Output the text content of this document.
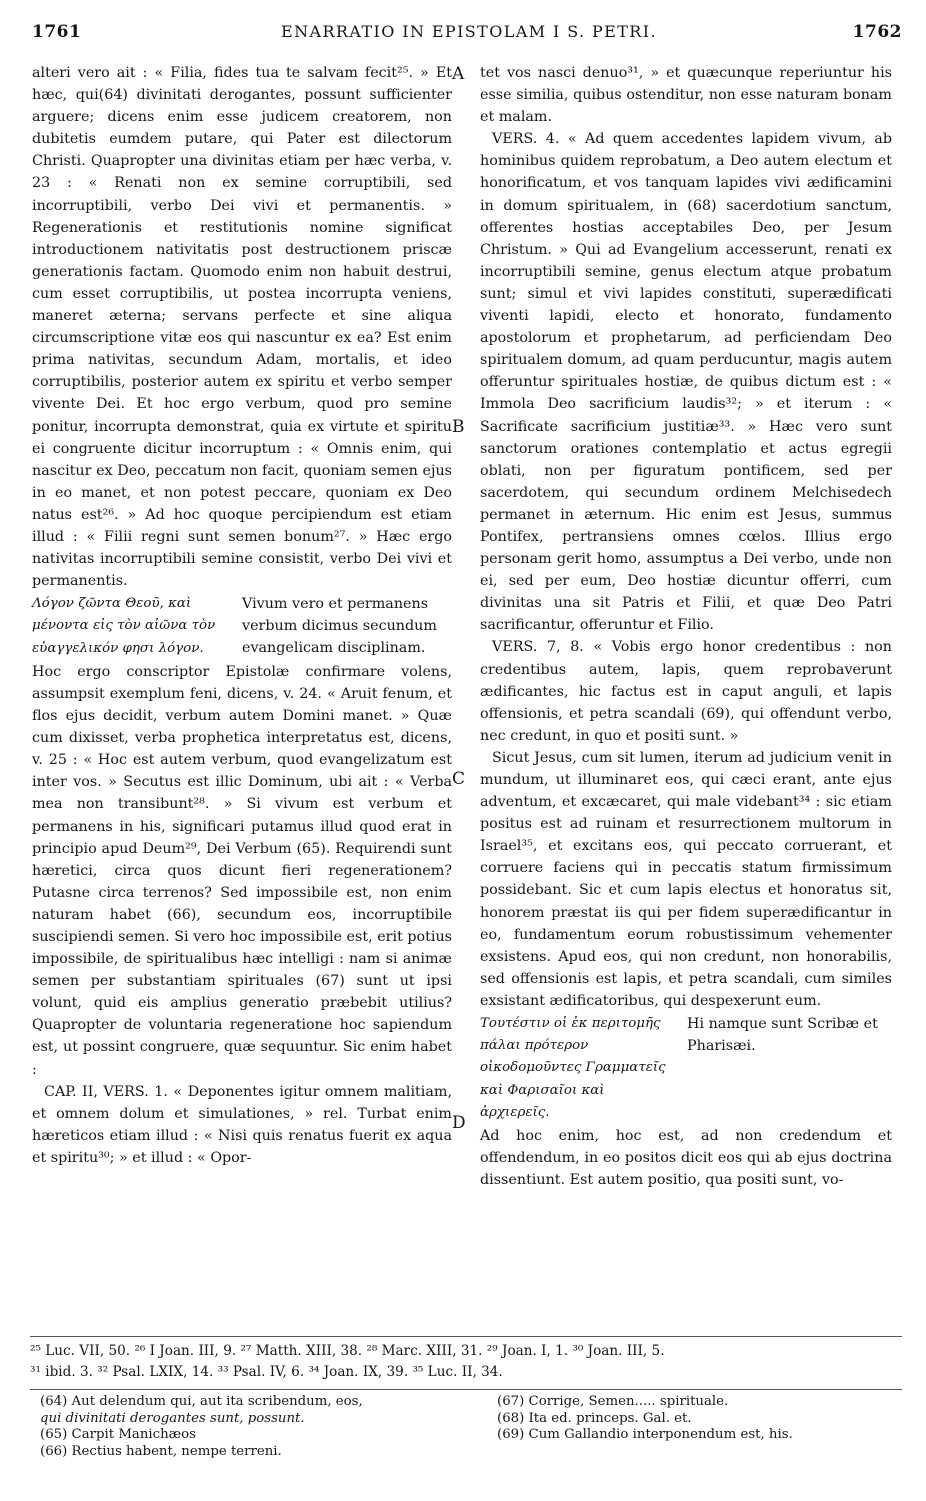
1761	ENARRATIO IN EPISTOLAM I S. PETRI.	1762
A
B
C
D

alteri vero ait : « Filia, fides tua te salvam fecit²⁵. » Et hæc, qui(64) divinitati derogantes, possunt sufficienter arguere; dicens enim esse judicem creatorem, non dubitetis eumdem putare, qui Pater est dilectorum Christi. Quapropter una divinitas etiam per hæc verba, v. 23 : « Renati non ex semine corruptibili, sed incorruptibili, verbo Dei vivi et permanentis. » Regenerationis et restitutionis nomine significat introductionem nativitatis post destructionem priscæ generationis factam. Quomodo enim non habuit destrui, cum esset corruptibilis, ut postea incorrupta veniens, maneret æterna; servans perfecte et sine aliqua circumscriptione vitæ eos qui nascuntur ex ea? Est enim prima nativitas, secundum Adam, mortalis, et ideo corruptibilis, posterior autem ex spiritu et verbo semper vivente Dei. Et hoc ergo verbum, quod pro semine ponitur, incorrupta demonstrat, quia ex virtute et spiritu ei congruente dicitur incorruptum : « Omnis enim, qui nascitur ex Deo, peccatum non facit, quoniam semen ejus in eo manet, et non potest peccare, quoniam ex Deo natus est²⁶. » Ad hoc quoque percipiendum est etiam illud : « Filii regni sunt semen bonum²⁷. » Hæc ergo nativitas incorruptibili semine consistit, verbo Dei vivi et permanentis.

Λόγον ζῶντα Θεοῦ, καὶ μένοντα εἰς τὸν αἰῶνα τὸν εὐαγγελικόν φησι λόγον.
Vivum vero et permanens verbum dicimus secundum evangelicam disciplinam.

Hoc ergo conscriptor Epistolæ confirmare volens, assumpsit exemplum feni, dicens, v. 24. « Aruit fenum, et flos ejus decidit, verbum autem Domini manet. » Quæ cum dixisset, verba prophetica interpretatus est, dicens, v. 25 : « Hoc est autem verbum, quod evangelizatum est inter vos. » Secutus est illic Dominum, ubi ait : « Verba mea non transibunt²⁸. » Si vivum est verbum et permanens in his, significari putamus illud quod erat in principio apud Deum²⁹, Dei Verbum (65). Requirendi sunt hæretici, circa quos dicunt fieri regenerationem? Putasne circa terrenos? Sed impossibile est, non enim naturam habet (66), secundum eos, incorruptibile suscipiendi semen. Si vero hoc impossibile est, erit potius impossibile, de spiritualibus hæc intelligi : nam si animæ semen per substantiam spirituales (67) sunt ut ipsi volunt, quid eis amplius generatio præbebit utilius? Quapropter de voluntaria regeneratione hoc sapiendum est, ut possint congruere, quæ sequuntur. Sic enim habet :

CAP. II, VERS. 1. « Deponentes igitur omnem malitiam, et omnem dolum et simulationes, » rel. Turbat enim hæreticos etiam illud : « Nisi quis renatus fuerit ex aqua et spiritu³⁰; » et illud : « Opor-

tet vos nasci denuo³¹, » et quæcunque reperiuntur his esse similia, quibus ostenditur, non esse naturam bonam et malam.

VERS. 4. « Ad quem accedentes lapidem vivum, ab hominibus quidem reprobatum, a Deo autem electum et honorificatum, et vos tanquam lapides vivi ædificamini in domum spiritualem, in (68) sacerdotium sanctum, offerentes hostias acceptabiles Deo, per Jesum Christum. » Qui ad Evangelium accesserunt, renati ex incorruptibili semine, genus electum atque probatum sunt; simul et vivi lapides constituti, superædificati viventi lapidi, electo et honorato, fundamento apostolorum et prophetarum, ad perficiendam Deo spiritualem domum, ad quam perducuntur, magis autem offeruntur spirituales hostiæ, de quibus dictum est : « Immola Deo sacrificium laudis³²; » et iterum : « Sacrificate sacrificium justitiæ³³. » Hæc vero sunt sanctorum orationes contemplatio et actus egregii oblati, non per figuratum pontificem, sed per sacerdotem, qui secundum ordinem Melchisedech permanet in æternum. Hic enim est Jesus, summus Pontifex, pertransiens omnes cœlos. Illius ergo personam gerit homo, assumptus a Dei verbo, unde non ei, sed per eum, Deo hostiæ dicuntur offerri, cum divinitas una sit Patris et Filii, et quæ Deo Patri sacrificantur, offeruntur et Filio.

VERS. 7, 8. « Vobis ergo honor credentibus : non credentibus autem, lapis, quem reprobaverunt ædificantes, hic factus est in caput anguli, et lapis offensionis, et petra scandali (69), qui offendunt verbo, nec credunt, in quo et positi sunt. »

Sicut Jesus, cum sit lumen, iterum ad judicium venit in mundum, ut illuminaret eos, qui cæci erant, ante ejus adventum, et excæcaret, qui male videbant³⁴ : sic etiam positus est ad ruinam et resurrectionem multorum in Israel³⁵, et excitans eos, qui peccato corruerant, et corruere faciens qui in peccatis statum firmissimum possidebant. Sic et cum lapis electus et honoratus sit, honorem præstat iis qui per fidem superædificantur in eo, fundamentum eorum robustissimum vehementer exsistens. Apud eos, qui non credunt, non honorabilis, sed offensionis est lapis, et petra scandali, cum similes exsistant ædificatoribus, qui despexerunt eum.

Τουτέστιν οἱ ἐκ περιτομῆς πάλαι πρότερον οἰκοδομοῦντες Γραμματεῖς καὶ Φαρισαῖοι καὶ ἀρχιερεῖς.
Hi namque sunt Scribæ et Pharisæi.

Ad hoc enim, hoc est, ad non credendum et offendendum, in eo positos dicit eos qui ab ejus doctrina dissentiunt. Est autem positio, qua positi sunt, vo-

²⁵ Luc. VII, 50. ²⁶ I Joan. III, 9. ²⁷ Matth. XIII, 38. ²⁸ Marc. XIII, 31. ²⁹ Joan. I, 1. ³⁰ Joan. III, 5.
³¹ ibid. 3. ³² Psal. LXIX, 14. ³³ Psal. IV, 6. ³⁴ Joan. IX, 39. ³⁵ Luc. II, 34.
(64) Aut delendum qui, aut ita scribendum, eos,
qui divinitati derogantes sunt, possunt.
(65) Carpit Manichæos
(66) Rectius habent, nempe terreni.
(67) Corrige, Semen..... spirituale.
(68) Ita ed. princeps. Gal. et.
(69) Cum Gallandio interponendum est, his.
